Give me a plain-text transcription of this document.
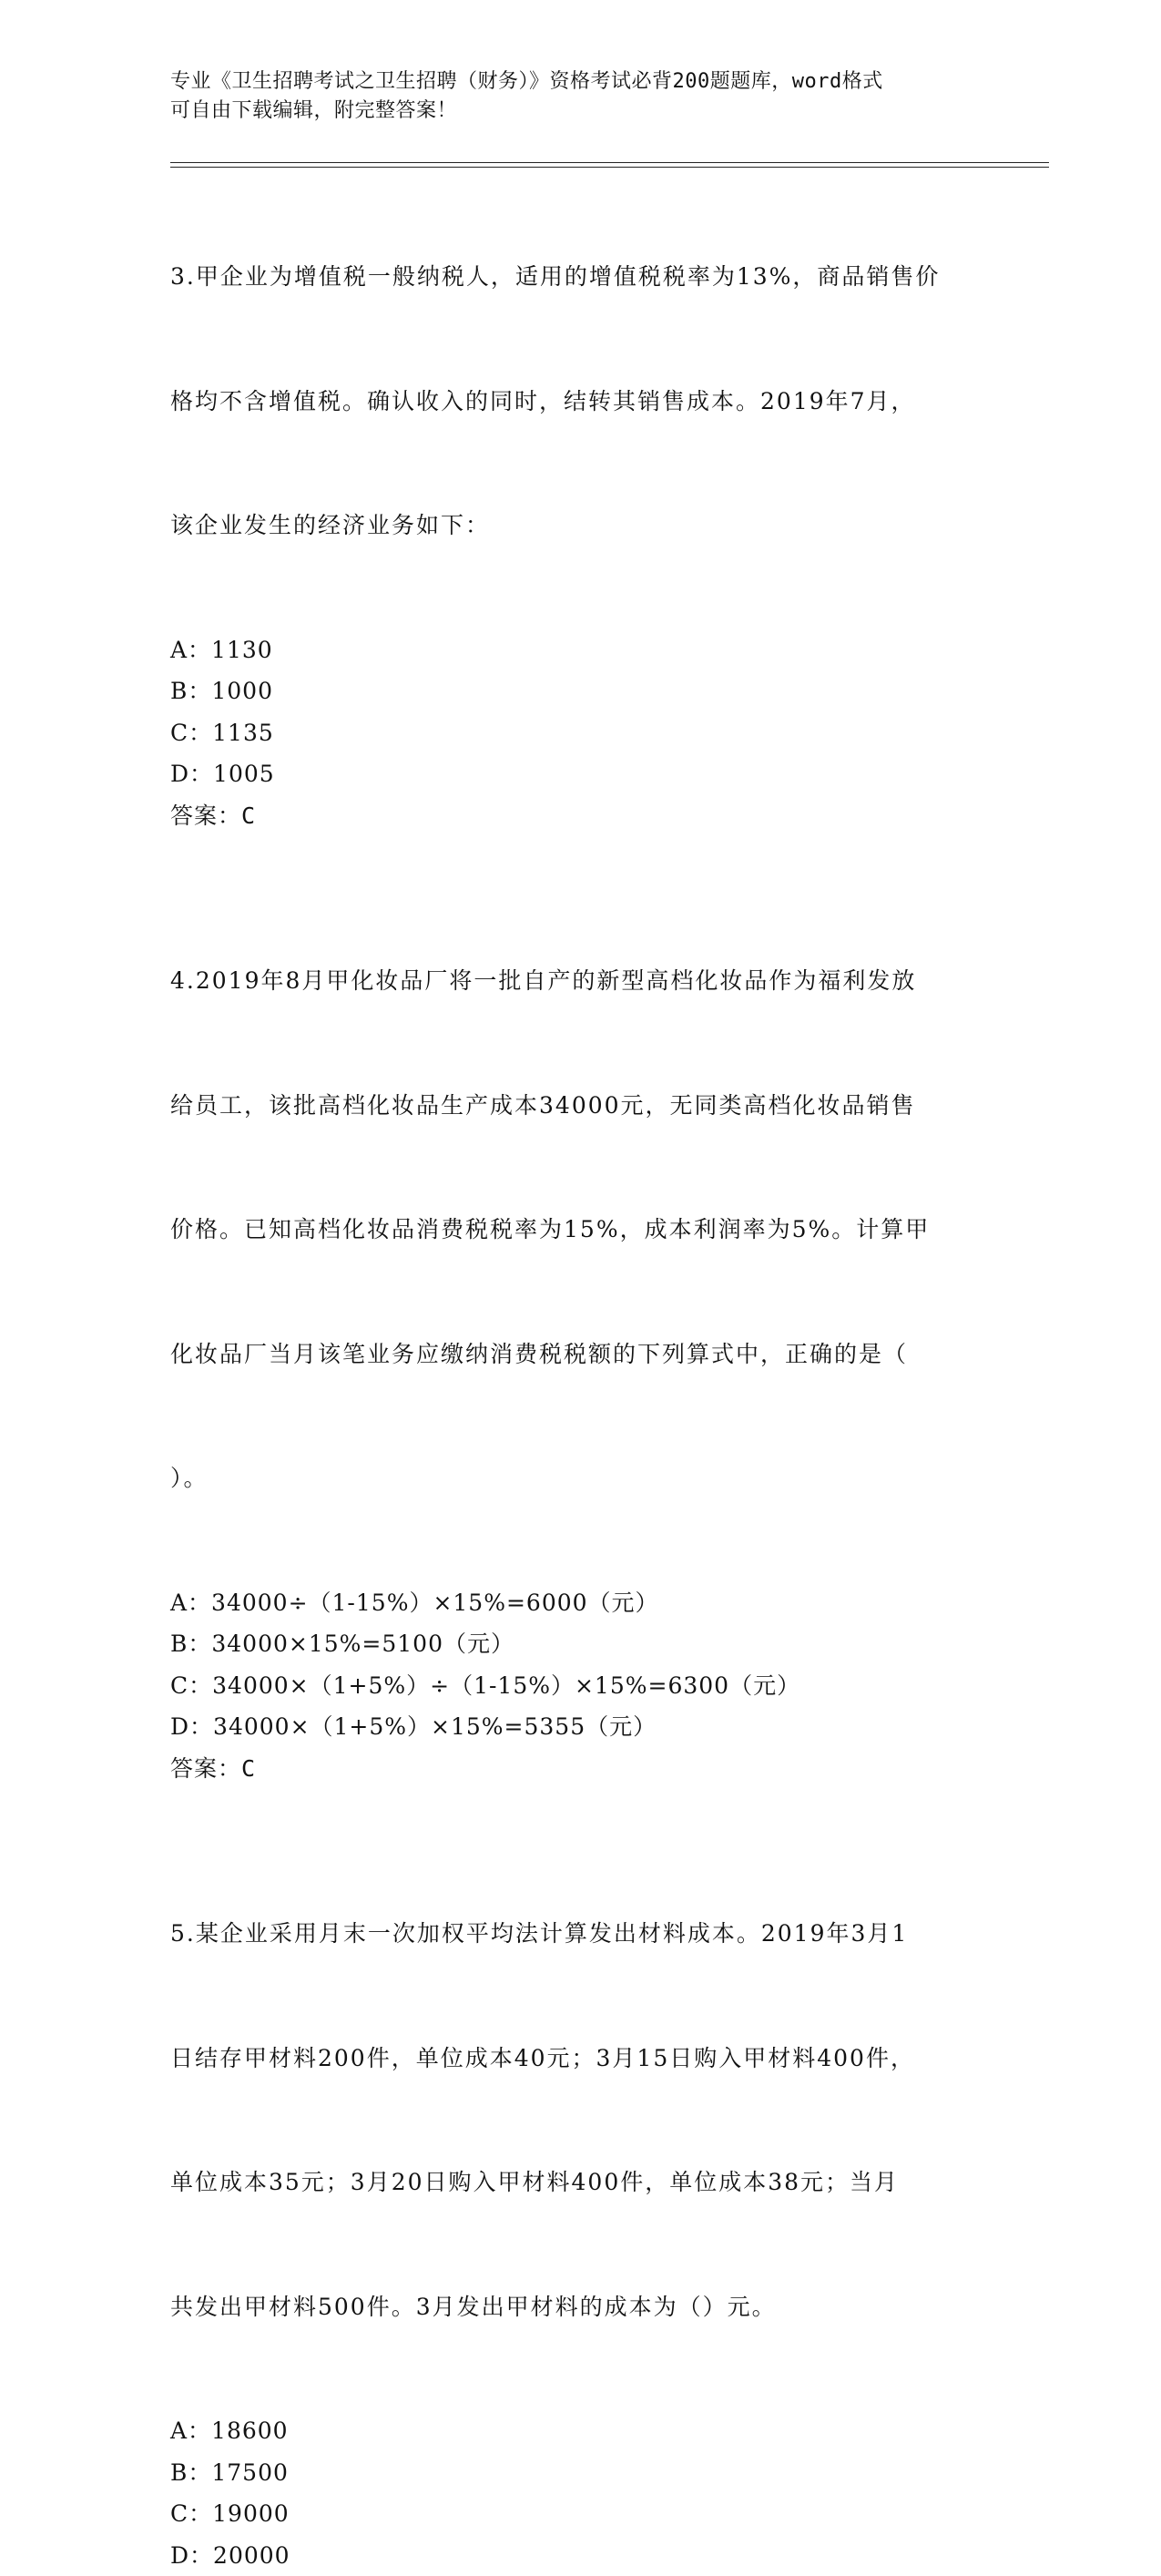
专业《卫生招聘考试之卫生招聘（财务）》资格考试必背200题题库，word格式
可自由下载编辑，附完整答案！

3.甲企业为增值税一般纳税人，适用的增值税税率为13%，商品销售价

格均不含增值税。确认收入的同时，结转其销售成本。2019年7月，

该企业发生的经济业务如下：

A：1130
B：1000
C：1135
D：1005
答案：C

4.2019年8月甲化妆品厂将一批自产的新型高档化妆品作为福利发放

给员工，该批高档化妆品生产成本34000元，无同类高档化妆品销售

价格。已知高档化妆品消费税税率为15%，成本利润率为5%。计算甲

化妆品厂当月该笔业务应缴纳消费税税额的下列算式中，正确的是（

）。

A：34000÷（1-15%）×15%=6000（元）
B：34000×15%=5100（元）
C：34000×（1+5%）÷（1-15%）×15%=6300（元）
D：34000×（1+5%）×15%=5355（元）
答案：C

5.某企业采用月末一次加权平均法计算发出材料成本。2019年3月1

日结存甲材料200件，单位成本40元；3月15日购入甲材料400件，

单位成本35元；3月20日购入甲材料400件，单位成本38元；当月

共发出甲材料500件。3月发出甲材料的成本为（）元。

A：18600
B：17500
C：19000
D：20000
